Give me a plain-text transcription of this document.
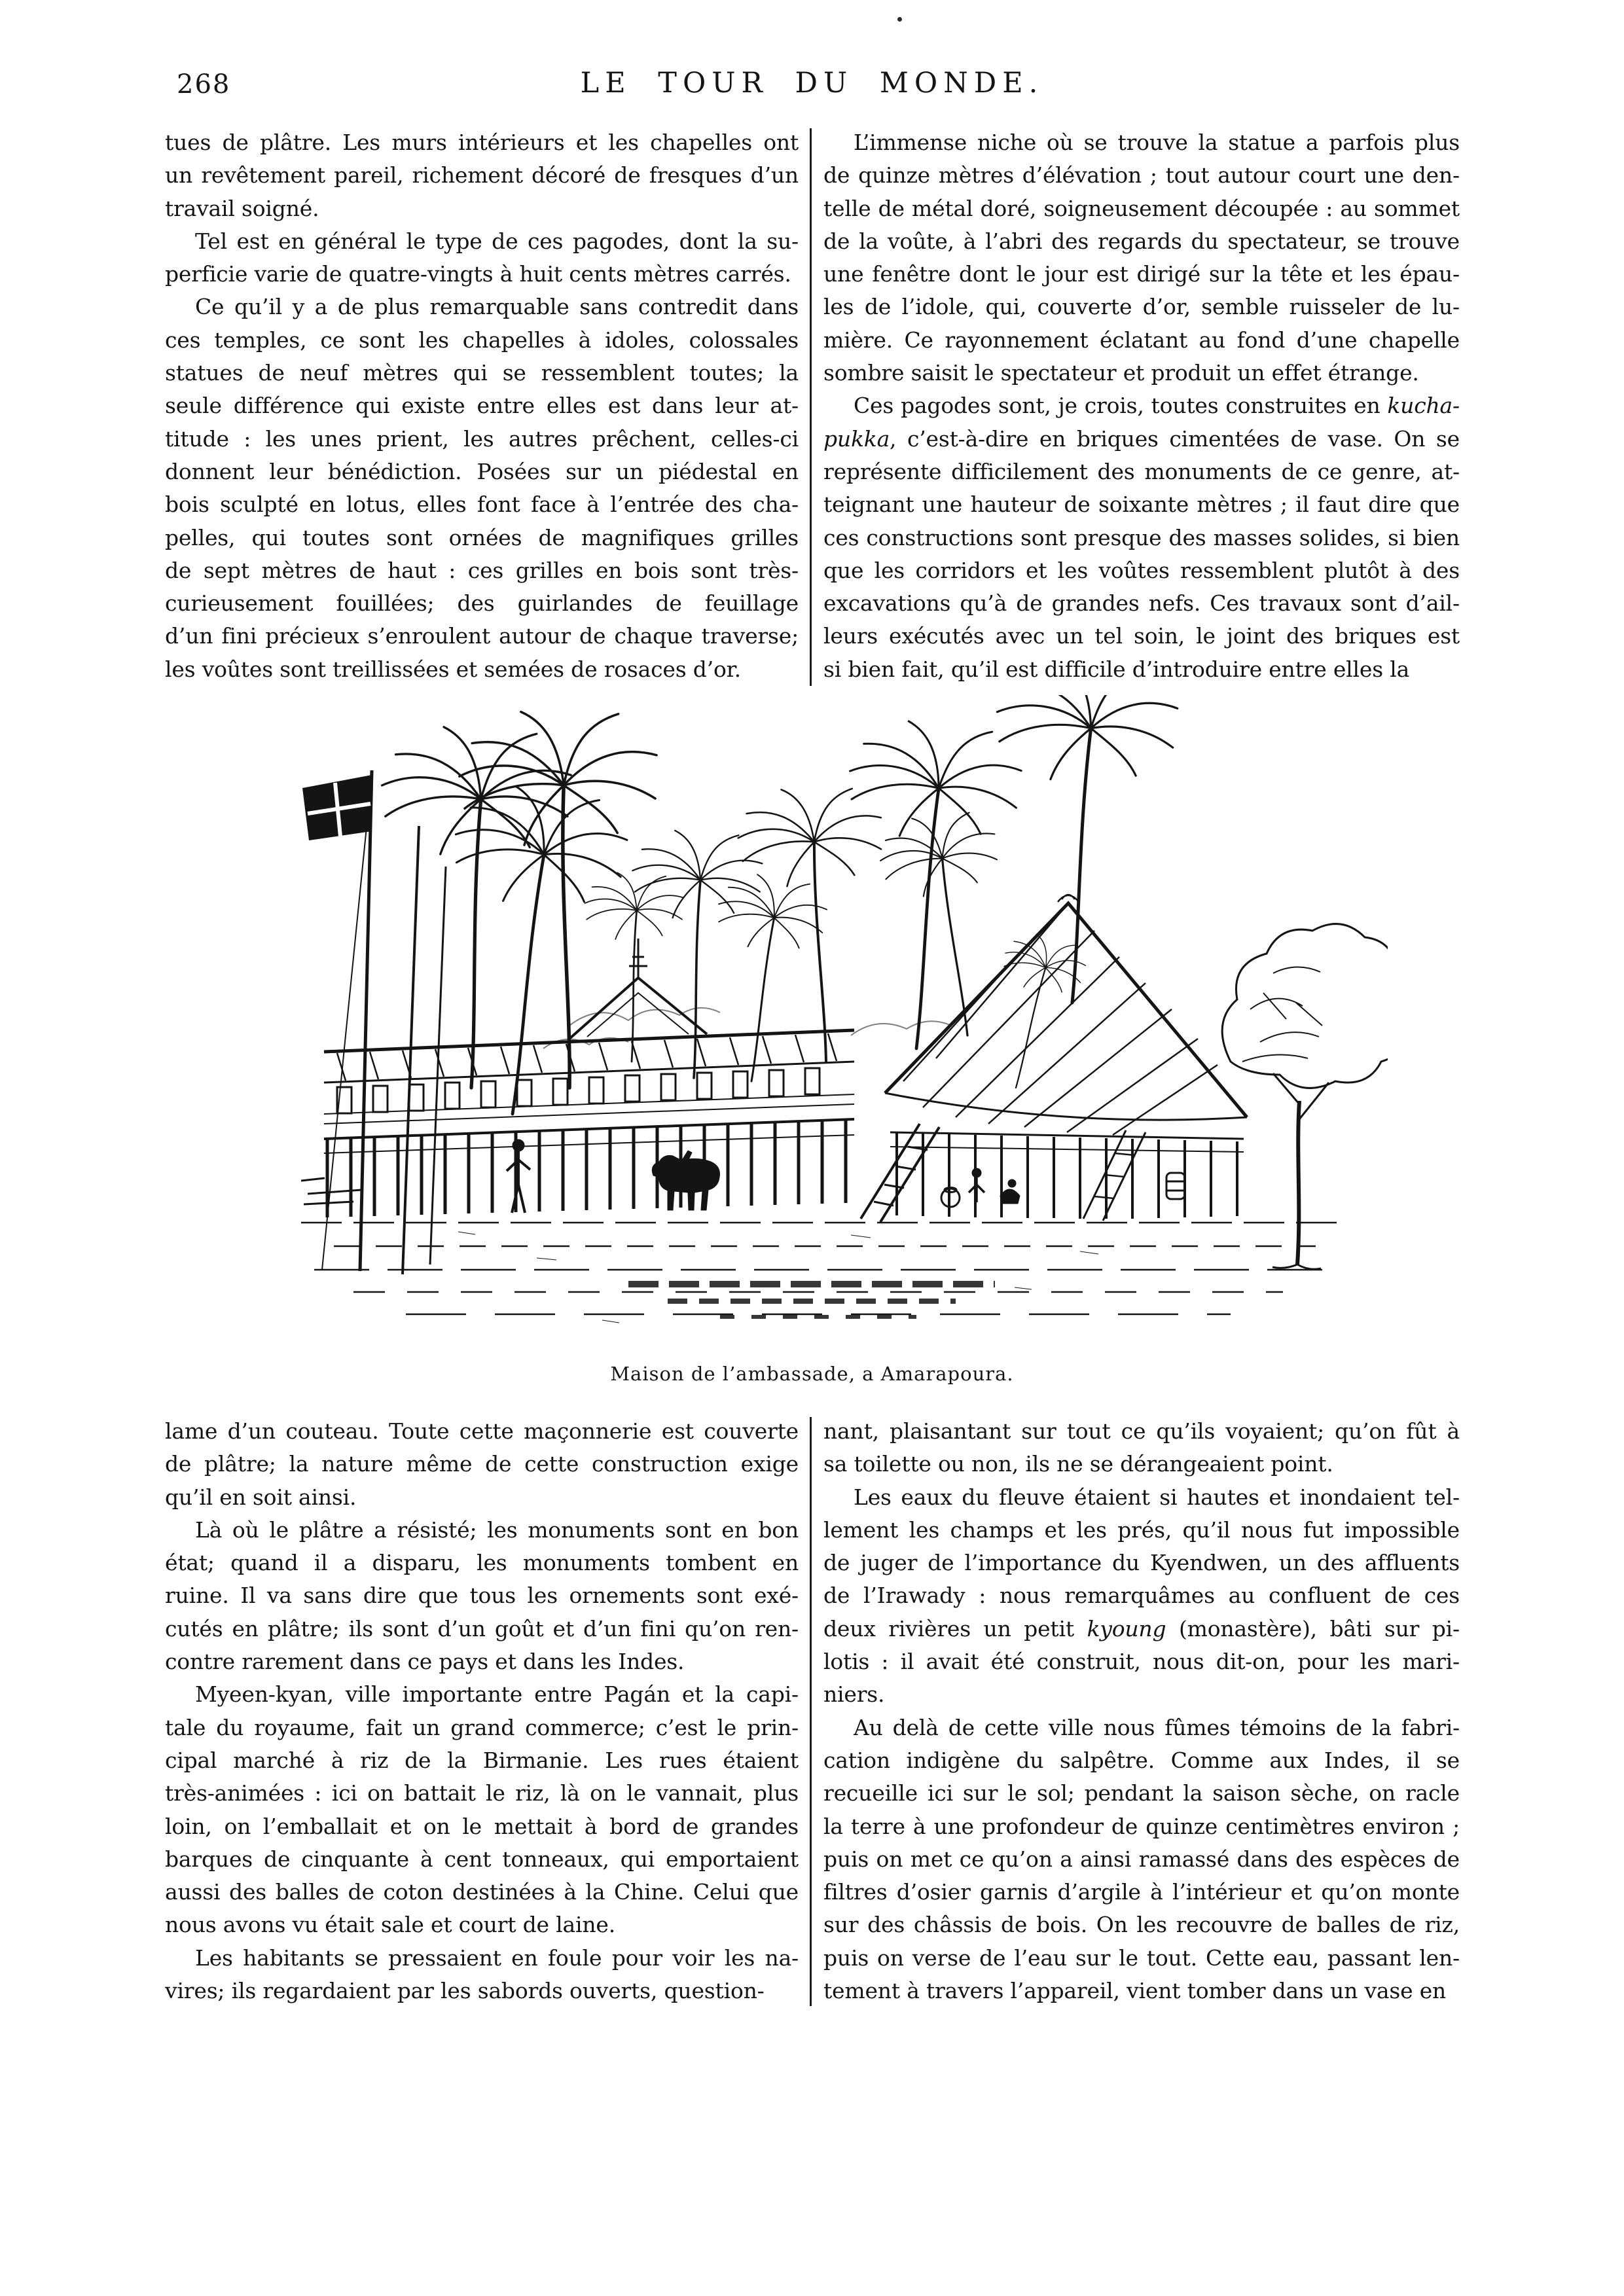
268	LE TOUR DU MONDE.
tues de plâtre. Les murs intérieurs et les chapelles ont
un revêtement pareil, richement décoré de fresques d’un
travail soigné.
Tel est en général le type de ces pagodes, dont la su-
perficie varie de quatre-vingts à huit cents mètres carrés.
Ce qu’il y a de plus remarquable sans contredit dans
ces temples, ce sont les chapelles à idoles, colossales
statues de neuf mètres qui se ressemblent toutes; la
seule différence qui existe entre elles est dans leur at-
titude : les unes prient, les autres prêchent, celles-ci
donnent leur bénédiction. Posées sur un piédestal en
bois sculpté en lotus, elles font face à l’entrée des cha-
pelles, qui toutes sont ornées de magnifiques grilles
de sept mètres de haut : ces grilles en bois sont très-
curieusement fouillées; des guirlandes de feuillage
d’un fini précieux s’enroulent autour de chaque traverse;
les voûtes sont treillissées et semées de rosaces d’or.
L’immense niche où se trouve la statue a parfois plus
de quinze mètres d’élévation ; tout autour court une den-
telle de métal doré, soigneusement découpée : au sommet
de la voûte, à l’abri des regards du spectateur, se trouve
une fenêtre dont le jour est dirigé sur la tête et les épau-
les de l’idole, qui, couverte d’or, semble ruisseler de lu-
mière. Ce rayonnement éclatant au fond d’une chapelle
sombre saisit le spectateur et produit un effet étrange.
Ces pagodes sont, je crois, toutes construites en kucha-
pukka, c’est-à-dire en briques cimentées de vase. On se
représente difficilement des monuments de ce genre, at-
teignant une hauteur de soixante mètres ; il faut dire que
ces constructions sont presque des masses solides, si bien
que les corridors et les voûtes ressemblent plutôt à des
excavations qu’à de grandes nefs. Ces travaux sont d’ail-
leurs exécutés avec un tel soin, le joint des briques est
si bien fait, qu’il est difficile d’introduire entre elles la
Maison de l’ambassade, a Amarapoura.
lame d’un couteau. Toute cette maçonnerie est couverte
de plâtre; la nature même de cette construction exige
qu’il en soit ainsi.
Là où le plâtre a résisté; les monuments sont en bon
état; quand il a disparu, les monuments tombent en
ruine. Il va sans dire que tous les ornements sont exé-
cutés en plâtre; ils sont d’un goût et d’un fini qu’on ren-
contre rarement dans ce pays et dans les Indes.
Myeen-kyan, ville importante entre Pagán et la capi-
tale du royaume, fait un grand commerce; c’est le prin-
cipal marché à riz de la Birmanie. Les rues étaient
très-animées : ici on battait le riz, là on le vannait, plus
loin, on l’emballait et on le mettait à bord de grandes
barques de cinquante à cent tonneaux, qui emportaient
aussi des balles de coton destinées à la Chine. Celui que
nous avons vu était sale et court de laine.
Les habitants se pressaient en foule pour voir les na-
vires; ils regardaient par les sabords ouverts, question-
nant, plaisantant sur tout ce qu’ils voyaient; qu’on fût à
sa toilette ou non, ils ne se dérangeaient point.
Les eaux du fleuve étaient si hautes et inondaient tel-
lement les champs et les prés, qu’il nous fut impossible
de juger de l’importance du Kyendwen, un des affluents
de l’Irawady : nous remarquâmes au confluent de ces
deux rivières un petit kyoung (monastère), bâti sur pi-
lotis : il avait été construit, nous dit-on, pour les mari-
niers.
Au delà de cette ville nous fûmes témoins de la fabri-
cation indigène du salpêtre. Comme aux Indes, il se
recueille ici sur le sol; pendant la saison sèche, on racle
la terre à une profondeur de quinze centimètres environ ;
puis on met ce qu’on a ainsi ramassé dans des espèces de
filtres d’osier garnis d’argile à l’intérieur et qu’on monte
sur des châssis de bois. On les recouvre de balles de riz,
puis on verse de l’eau sur le tout. Cette eau, passant len-
tement à travers l’appareil, vient tomber dans un vase en
